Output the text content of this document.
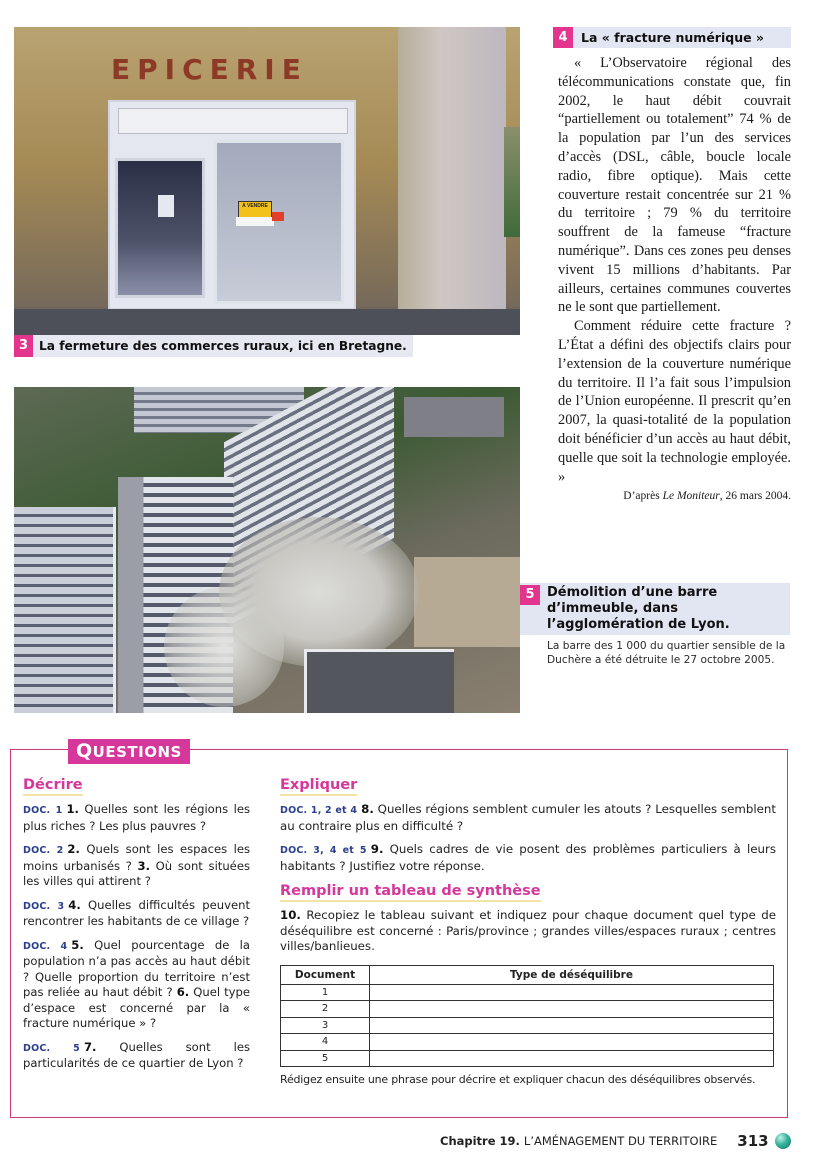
EPICERIE
A VENDRE
3 La fermeture des commerces ruraux, ici en Bretagne.
4	La « fracture numérique »

« L’Observatoire régional des télécommunications constate que, fin 2002, le haut débit couvrait “partiellement ou totalement” 74 % de la population par l’un des services d’accès (DSL, câble, boucle locale radio, fibre optique). Mais cette couverture restait concentrée sur 21 % du territoire ; 79 % du territoire souffrent de la fameuse “fracture numérique”. Dans ces zones peu denses vivent 15 millions d’habitants. Par ailleurs, certaines communes couvertes ne le sont que partiellement.

Comment réduire cette fracture ? L’État a défini des objectifs clairs pour l’extension de la couverture numérique du territoire. Il l’a fait sous l’impulsion de l’Union européenne. Il prescrit qu’en 2007, la quasi-totalité de la population doit bénéficier d’un accès au haut débit, quelle que soit la technologie employée. »

D’après Le Moniteur, 26 mars 2004.
5 Démolition d’une barre d’immeuble, dans l’agglomération de Lyon.
La barre des 1 000 du quartier sensible de la Duchère a été détruite le 27 octobre 2005.
QUESTIONS
Décrire
DOC. 1 1. Quelles sont les régions les plus riches ? Les plus pauvres ?
DOC. 2 2. Quels sont les espaces les moins urbanisés ? 3. Où sont situées les villes qui attirent ?
DOC. 3 4. Quelles difficultés peuvent rencontrer les habitants de ce village ?
DOC. 4 5. Quel pourcentage de la population n’a pas accès au haut débit ? Quelle proportion du territoire n’est pas reliée au haut débit ? 6. Quel type d’espace est concerné par la « fracture numérique » ?
DOC. 5 7. Quelles sont les particularités de ce quartier de Lyon ?
Expliquer
DOC. 1, 2 et 4 8. Quelles régions semblent cumuler les atouts ? Lesquelles semblent au contraire plus en difficulté ?
DOC. 3, 4 et 5 9. Quels cadres de vie posent des problèmes particuliers à leurs habitants ? Justifiez votre réponse.
Remplir un tableau de synthèse
10. Recopiez le tableau suivant et indiquez pour chaque document quel type de déséquilibre est concerné : Paris/province ; grandes villes/espaces ruraux ; centres villes/banlieues.
Document	Type de déséquilibre
1	
2	
3	
4	
5	
Rédigez ensuite une phrase pour décrire et expliquer chacun des déséquilibres observés.
Chapitre 19. L’AMÉNAGEMENT DU TERRITOIRE 313
